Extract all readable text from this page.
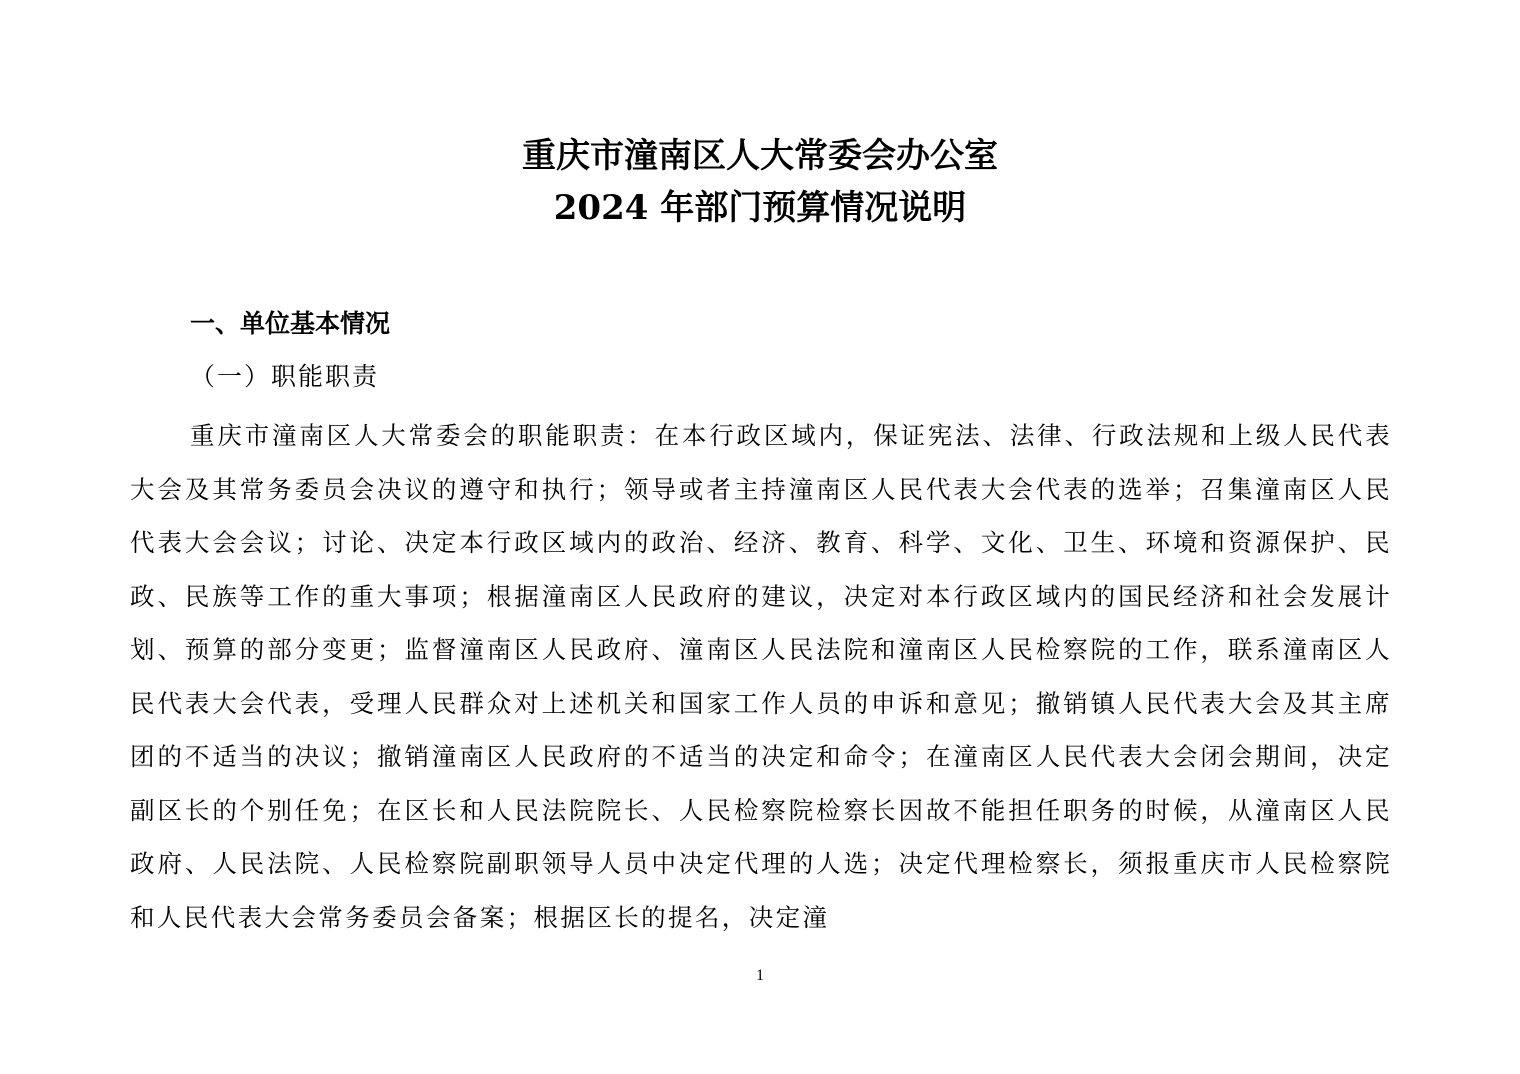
重庆市潼南区人大常委会办公室
2024 年部门预算情况说明
一、单位基本情况
（一）职能职责

重庆市潼南区人大常委会的职能职责：在本行政区域内，保证宪法、法律、行政法规和上级人民代表大会及其常务委员会决议的遵守和执行；领导或者主持潼南区人民代表大会代表的选举；召集潼南区人民代表大会会议；讨论、决定本行政区域内的政治、经济、教育、科学、文化、卫生、环境和资源保护、民政、民族等工作的重大事项；根据潼南区人民政府的建议，决定对本行政区域内的国民经济和社会发展计划、预算的部分变更；监督潼南区人民政府、潼南区人民法院和潼南区人民检察院的工作，联系潼南区人民代表大会代表，受理人民群众对上述机关和国家工作人员的申诉和意见；撤销镇人民代表大会及其主席团的不适当的决议；撤销潼南区人民政府的不适当的决定和命令；在潼南区人民代表大会闭会期间，决定副区长的个别任免；在区长和人民法院院长、人民检察院检察长因故不能担任职务的时候，从潼南区人民政府、人民法院、人民检察院副职领导人员中决定代理的人选；决定代理检察长，须报重庆市人民检察院和人民代表大会常务委员会备案；根据区长的提名，决定潼

1
